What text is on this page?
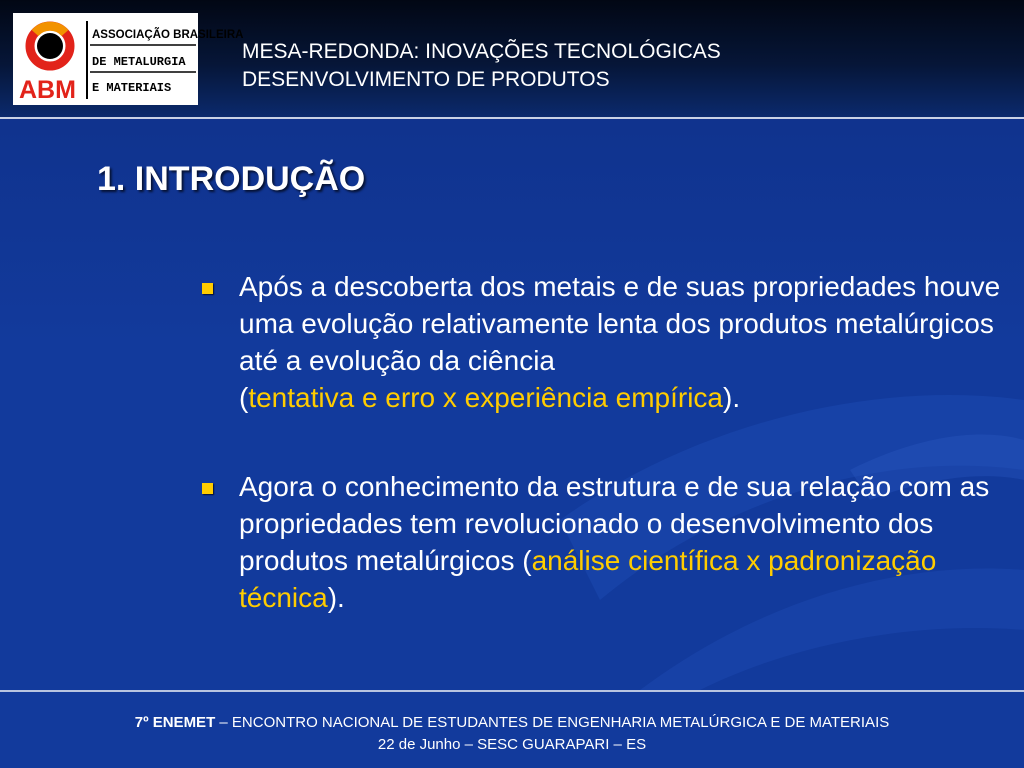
ABM
ASSOCIAÇÃO BRASILEIRA
DE METALURGIA
E MATERIAIS
MESA-REDONDA: INOVAÇÕES TECNOLÓGICAS
DESENVOLVIMENTO DE PRODUTOS
1. INTRODUÇÃO
Após a descoberta dos metais e de suas propriedades houve uma evolução relativamente lenta dos produtos metalúrgicos até a evolução da ciência
(tentativa e erro x experiência empírica).
Agora o conhecimento da estrutura e de sua relação com as propriedades tem revolucionado o desenvolvimento dos produtos metalúrgicos (análise científica x padronização técnica).
7º ENEMET – ENCONTRO NACIONAL DE ESTUDANTES DE ENGENHARIA METALÚRGICA E DE MATERIAIS
22 de Junho – SESC GUARAPARI – ES
